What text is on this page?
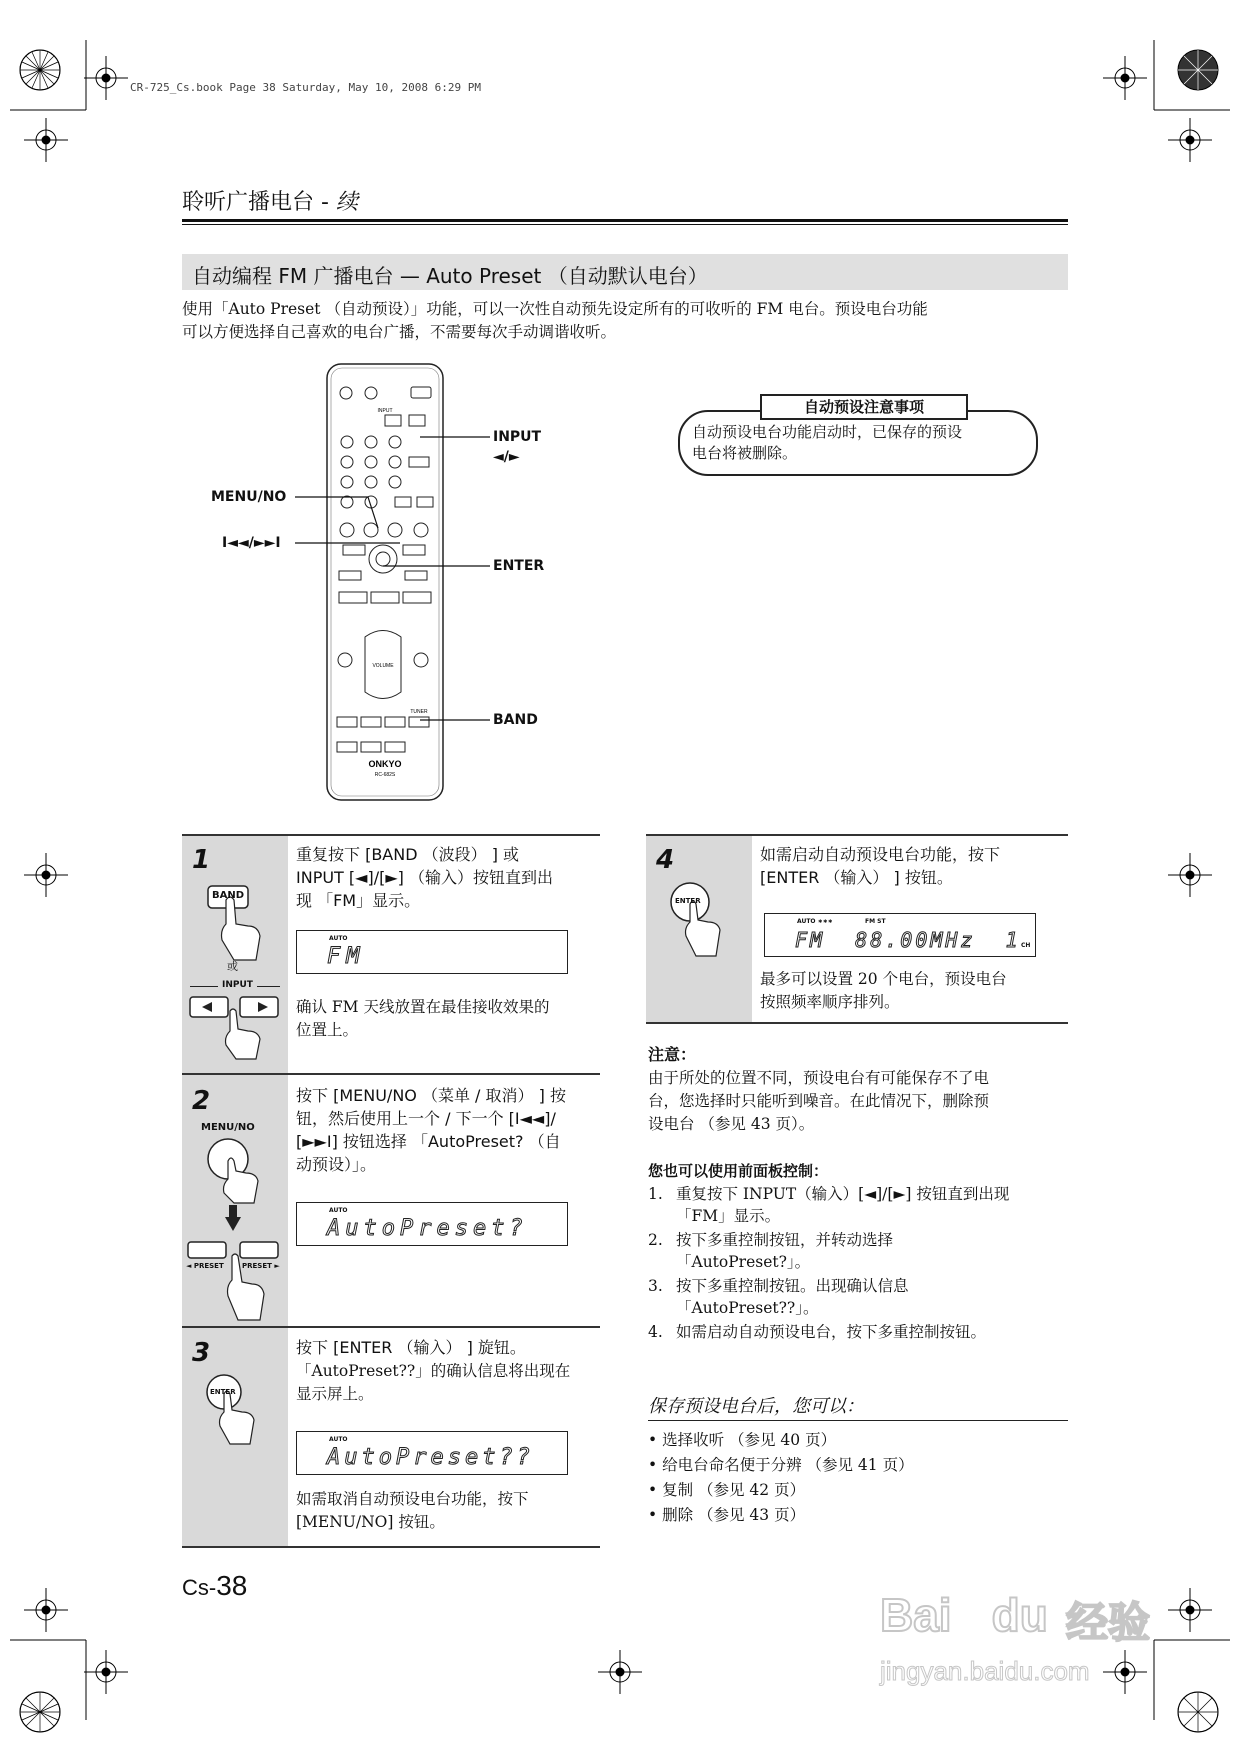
CR-725_Cs.book Page 38 Saturday, May 10, 2008 6:29 PM
聆听广播电台 - 续
自动编程 FM 广播电台 — Auto Preset （自动默认电台）
使用「Auto Preset （自动预设）」功能，可以一次性自动预先设定所有的可收听的 FM 电台。预设电台功能
可以方便选择自己喜欢的电台广播，不需要每次手动调谐收听。
ONKYO
RC-682S
INPUT
VOLUME
TUNER
INPUT
◄/►
MENU/NO
I◄◄/►►I
ENTER
BAND
自动预设注意事项
自动预设电台功能启动时，已保存的预设
电台将被删除。
1
BAND
或
INPUT
重复按下 [BAND （波段） ] 或
INPUT [◄]/[►] （输入）按钮直到出
现 「FM」显示。
AUTO
FM
确认 FM 天线放置在最佳接收效果的
位置上。
2
MENU/NO
◄ PRESET	PRESET ►
按下 [MENU/NO （菜单 / 取消） ] 按
钮，然后使用上一个 / 下一个 [I◄◄]/
[►►I] 按钮选择 「AutoPreset? （自
动预设）」。
AUTO
AutoPreset?
3
ENTER
按下 [ENTER （输入） ] 旋钮。
「AutoPreset??」的确认信息将出现在
显示屏上。
AUTO
AutoPreset??
如需取消自动预设电台功能，按下
[MENU/NO] 按钮。
4
ENTER
如需启动自动预设电台功能，按下
[ENTER （输入） ] 按钮。
AUTO ∗∗∗	FM ST
FM  88.00MHz  1 CH
最多可以设置 20 个电台，预设电台
按照频率顺序排列。
注意：
由于所处的位置不同，预设电台有可能保存不了电
台，您选择时只能听到噪音。在此情况下，删除预
设电台 （参见 43 页）。
您也可以使用前面板控制：
1. 重复按下 INPUT（输入）[◄]/[►] 按钮直到出现
「FM」显示。
2. 按下多重控制按钮，并转动选择
「AutoPreset?」。
3. 按下多重控制按钮。出现确认信息
「AutoPreset??」。
4. 如需启动自动预设电台，按下多重控制按钮。
保存预设电台后，您可以：
• 选择收听 （参见 40 页）
• 给电台命名便于分辨 （参见 41 页）
• 复制 （参见 42 页）
• 删除 （参见 43 页）
Cs-38
Bai du 经验
jingyan.baidu.com
